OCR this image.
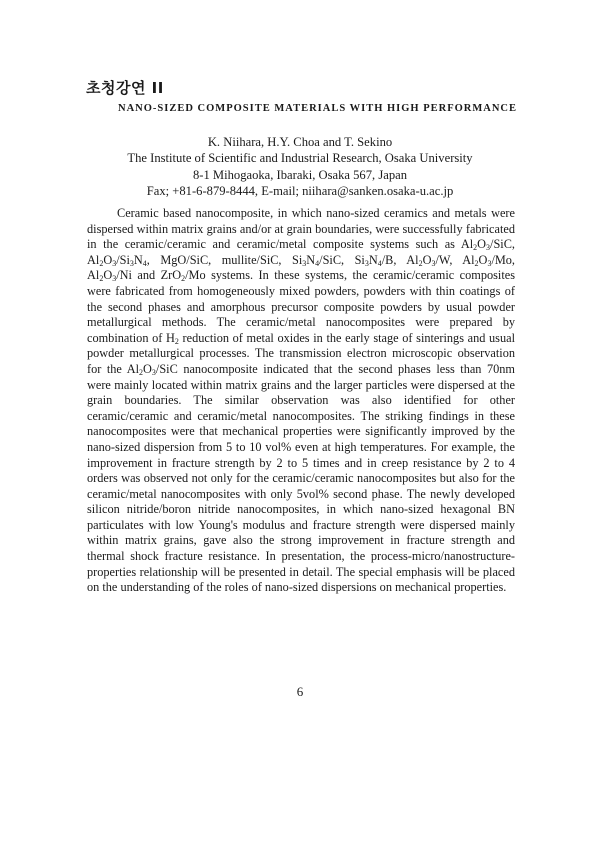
초청강연 II
NANO-SIZED COMPOSITE MATERIALS WITH HIGH PERFORMANCE
K. Niihara, H.Y. Choa and T. Sekino
The Institute of Scientific and Industrial Research, Osaka University
8-1 Mihogaoka, Ibaraki, Osaka 567, Japan
Fax; +81-6-879-8444, E-mail; niihara@sanken.osaka-u.ac.jp

Ceramic based nanocomposite, in which nano-sized ceramics and metals were dispersed within matrix grains and/or at grain boundaries, were successfully fabricated in the ceramic/ceramic and ceramic/metal composite systems such as $Al_2O_3$/SiC, $Al_2O_3/Si_3N_4$, MgO/SiC, mullite/SiC, $Si_3N_4$/SiC, $Si_3N_4/B$, $Al_2O_3/W$, $Al_2O_3/Mo$, $Al_2O_3/Ni$ and ZrO$_2$/Mo systems. In these systems, the ceramic/ceramic composites were fabricated from homogeneously mixed powders, powders with thin coatings of the second phases and amorphous precursor composite powders by usual powder metallurgical methods. The ceramic/metal nanocomposites were prepared by combination of $H_2$ reduction of metal oxides in the early stage of sinterings and usual powder metallurgical processes. The transmission electron microscopic observation for the $Al_2O_3$/SiC nanocomposite indicated that the second phases less than 70nm were mainly located within matrix grains and the larger particles were dispersed at the grain boundaries. The similar observation was also identified for other ceramic/ceramic and ceramic/metal nanocomposites. The striking findings in these nanocomposites were that mechanical properties were significantly improved by the nano-sized dispersion from 5 to 10 vol% even at high temperatures. For example, the improvement in fracture strength by 2 to 5 times and in creep resistance by 2 to 4 orders was observed not only for the ceramic/ceramic nanocomposites but also for the ceramic/metal nanocomposites with only 5vol% second phase. The newly developed silicon nitride/boron nitride nanocomposites, in which nano-sized hexagonal BN particulates with low Young's modulus and fracture strength were dispersed mainly within matrix grains, gave also the strong improvement in fracture strength and thermal shock fracture resistance. In presentation, the process-micro/nanostructure-properties relationship will be presented in detail. The special emphasis will be placed on the understanding of the roles of nano-sized dispersions on mechanical properties.

6
